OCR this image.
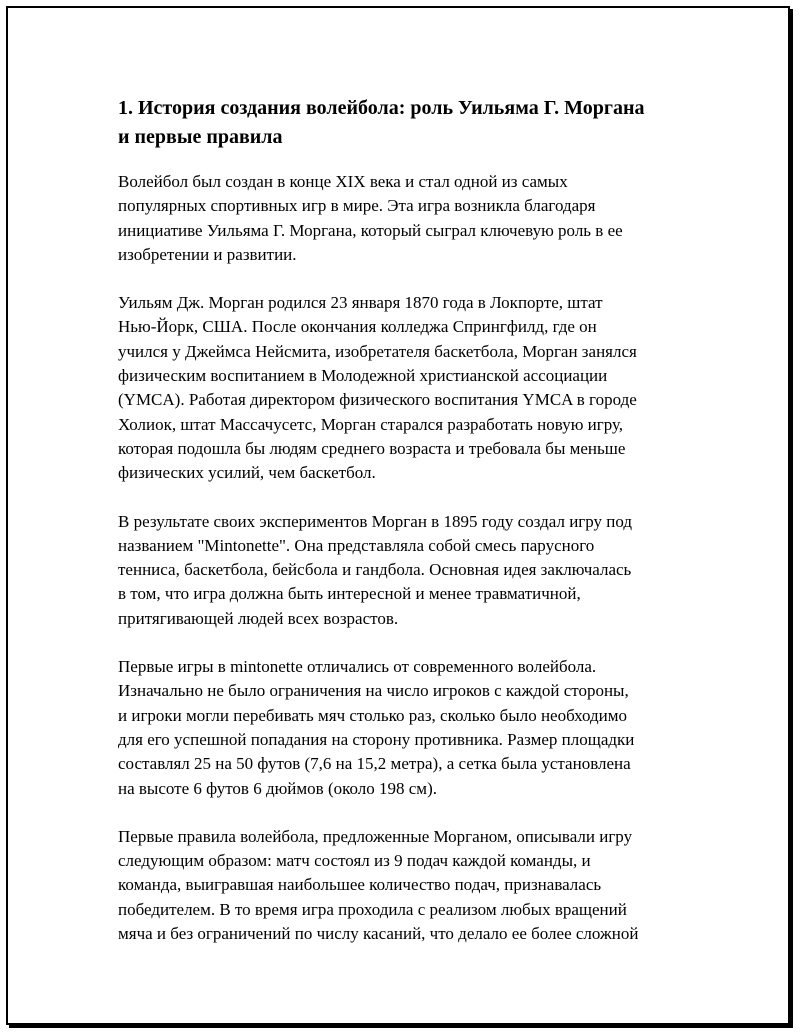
1. История создания волейбола: роль Уильяма Г. Моргана
и первые правила

Волейбол был создан в конце XIX века и стал одной из самых
популярных спортивных игр в мире. Эта игра возникла благодаря
инициативе Уильяма Г. Моргана, который сыграл ключевую роль в ее
изобретении и развитии.

Уильям Дж. Морган родился 23 января 1870 года в Локпорте, штат
Нью-Йорк, США. После окончания колледжа Спрингфилд, где он
учился у Джеймса Нейсмита, изобретателя баскетбола, Морган занялся
физическим воспитанием в Молодежной христианской ассоциации
(YMCA). Работая директором физического воспитания YMCA в городе
Холиок, штат Массачусетс, Морган старался разработать новую игру,
которая подошла бы людям среднего возраста и требовала бы меньше
физических усилий, чем баскетбол.

В результате своих экспериментов Морган в 1895 году создал игру под
названием "Mintonette". Она представляла собой смесь парусного
тенниса, баскетбола, бейсбола и гандбола. Основная идея заключалась
в том, что игра должна быть интересной и менее травматичной,
притягивающей людей всех возрастов.

Первые игры в mintonette отличались от современного волейбола.
Изначально не было ограничения на число игроков с каждой стороны,
и игроки могли перебивать мяч столько раз, сколько было необходимо
для его успешной попадания на сторону противника. Размер площадки
составлял 25 на 50 футов (7,6 на 15,2 метра), а сетка была установлена
на высоте 6 футов 6 дюймов (около 198 см).

Первые правила волейбола, предложенные Морганом, описывали игру
следующим образом: матч состоял из 9 подач каждой команды, и
команда, выигравшая наибольшее количество подач, признавалась
победителем. В то время игра проходила с реализом любых вращений
мяча и без ограничений по числу касаний, что делало ее более сложной
